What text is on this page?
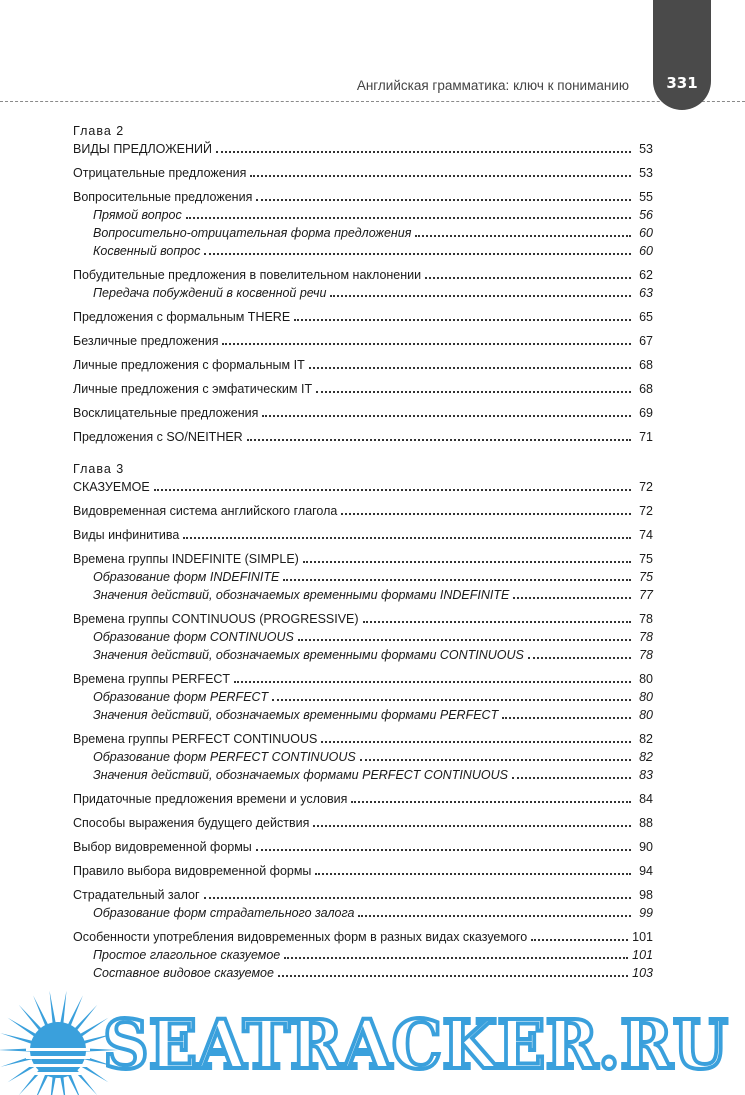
Английская грамматика: ключ к пониманию	331
Глава 2
ВИДЫ ПРЕДЛОЖЕНИЙ	53
Отрицательные предложения	53
Вопросительные предложения	55
Прямой вопрос	56
Вопросительно-отрицательная форма предложения	60
Косвенный вопрос	60
Побудительные предложения в повелительном наклонении	62
Передача побуждений в косвенной речи	63
Предложения с формальным THERE	65
Безличные предложения	67
Личные предложения с формальным IT	68
Личные предложения с эмфатическим IT	68
Восклицательные предложения	69
Предложения с SO/NEITHER	71
Глава 3
СКАЗУЕМОЕ	72
Видовременная система английского глагола	72
Виды инфинитива	74
Времена группы INDEFINITE (SIMPLE)	75
Образование форм INDEFINITE	75
Значения действий, обозначаемых временными формами INDEFINITE	77
Времена группы CONTINUOUS (PROGRESSIVE)	78
Образование форм CONTINUOUS	78
Значения действий, обозначаемых временными формами CONTINUOUS	78
Времена группы PERFECT	80
Образование форм PERFECT	80
Значения действий, обозначаемых временными формами PERFECT	80
Времена группы PERFECT CONTINUOUS	82
Образование форм PERFECT CONTINUOUS	82
Значения действий, обозначаемых формами PERFECT CONTINUOUS	83
Придаточные предложения времени и условия	84
Способы выражения будущего действия	88
Выбор видовременной формы	90
Правило выбора видовременной формы	94
Страдательный залог	98
Образование форм страдательного залога	99
Особенности употребления видовременных форм в разных видах сказуемого	101
Простое глагольное сказуемое	101
Составное видовое сказуемое	103
SEATRACKER.RU
